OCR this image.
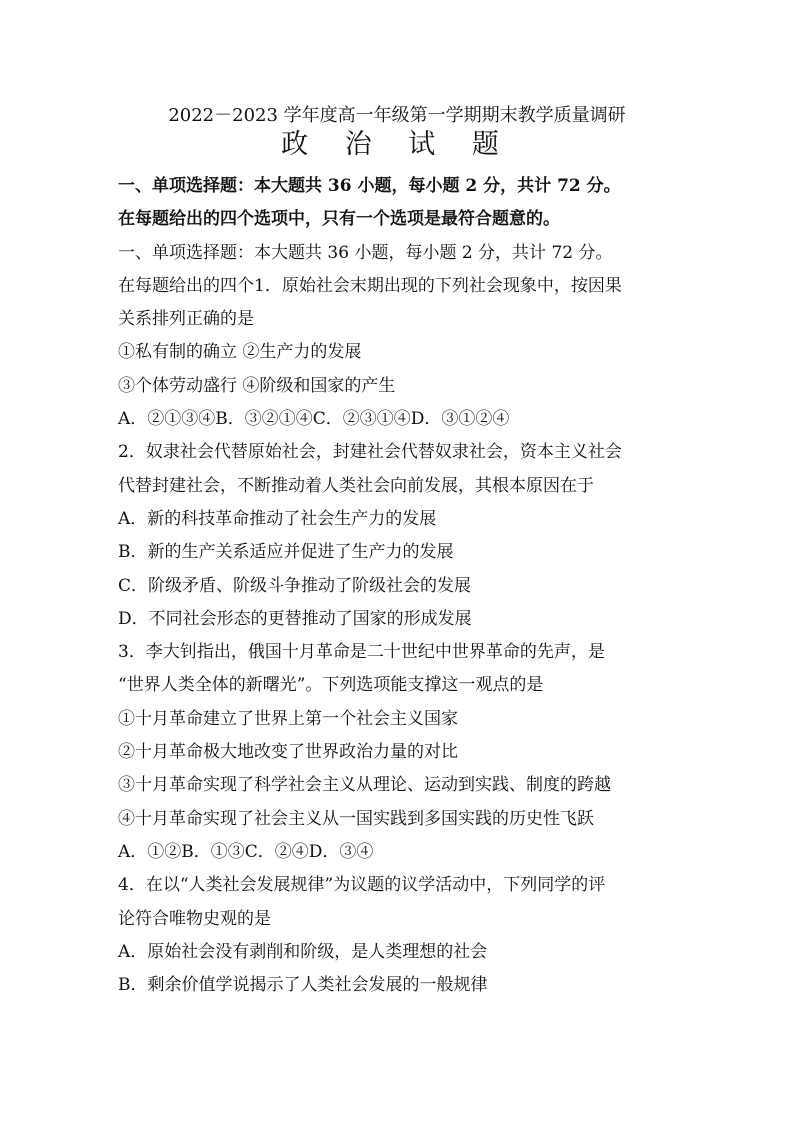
2022－2023 学年度高一年级第一学期期末教学质量调研
政 治 试 题
一、单项选择题：本大题共 36 小题，每小题 2 分，共计 72 分。
在每题给出的四个选项中，只有一个选项是最符合题意的。
一、单项选择题：本大题共 36 小题，每小题 2 分，共计 72 分。
在每题给出的四个1．原始社会末期出现的下列社会现象中，按因果
关系排列正确的是
①私有制的确立 ②生产力的发展
③个体劳动盛行 ④阶级和国家的产生
A．②①③④B．③②①④C．②③①④D．③①②④
2．奴隶社会代替原始社会，封建社会代替奴隶社会，资本主义社会
代替封建社会，不断推动着人类社会向前发展，其根本原因在于
A．新的科技革命推动了社会生产力的发展
B．新的生产关系适应并促进了生产力的发展
C．阶级矛盾、阶级斗争推动了阶级社会的发展
D．不同社会形态的更替推动了国家的形成发展
3．李大钊指出，俄国十月革命是二十世纪中世界革命的先声，是
“世界人类全体的新曙光”。下列选项能支撑这一观点的是
①十月革命建立了世界上第一个社会主义国家
②十月革命极大地改变了世界政治力量的对比
③十月革命实现了科学社会主义从理论、运动到实践、制度的跨越
④十月革命实现了社会主义从一国实践到多国实践的历史性飞跃
A．①②B．①③C．②④D．③④
4．在以“人类社会发展规律”为议题的议学活动中，下列同学的评
论符合唯物史观的是
A．原始社会没有剥削和阶级，是人类理想的社会
B．剩余价值学说揭示了人类社会发展的一般规律
